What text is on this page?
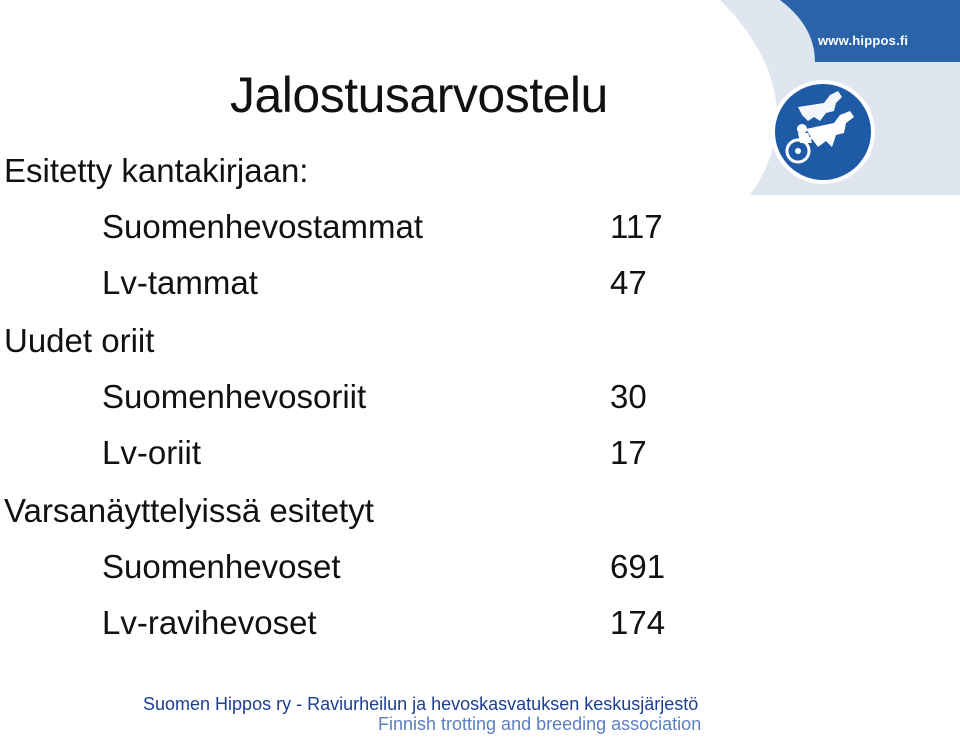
www.hippos.fi
Jalostusarvostelu
Esitetty kantakirjaan:
Suomenhevostammat	117
Lv-tammat	47
Uudet oriit
Suomenhevosoriit	30
Lv-oriit	17
Varsanäyttelyissä esitetyt
Suomenhevoset	691
Lv-ravihevoset	174
Suomen Hippos ry - Raviurheilun ja hevoskasvatuksen keskusjärjestö
Finnish trotting and breeding association
